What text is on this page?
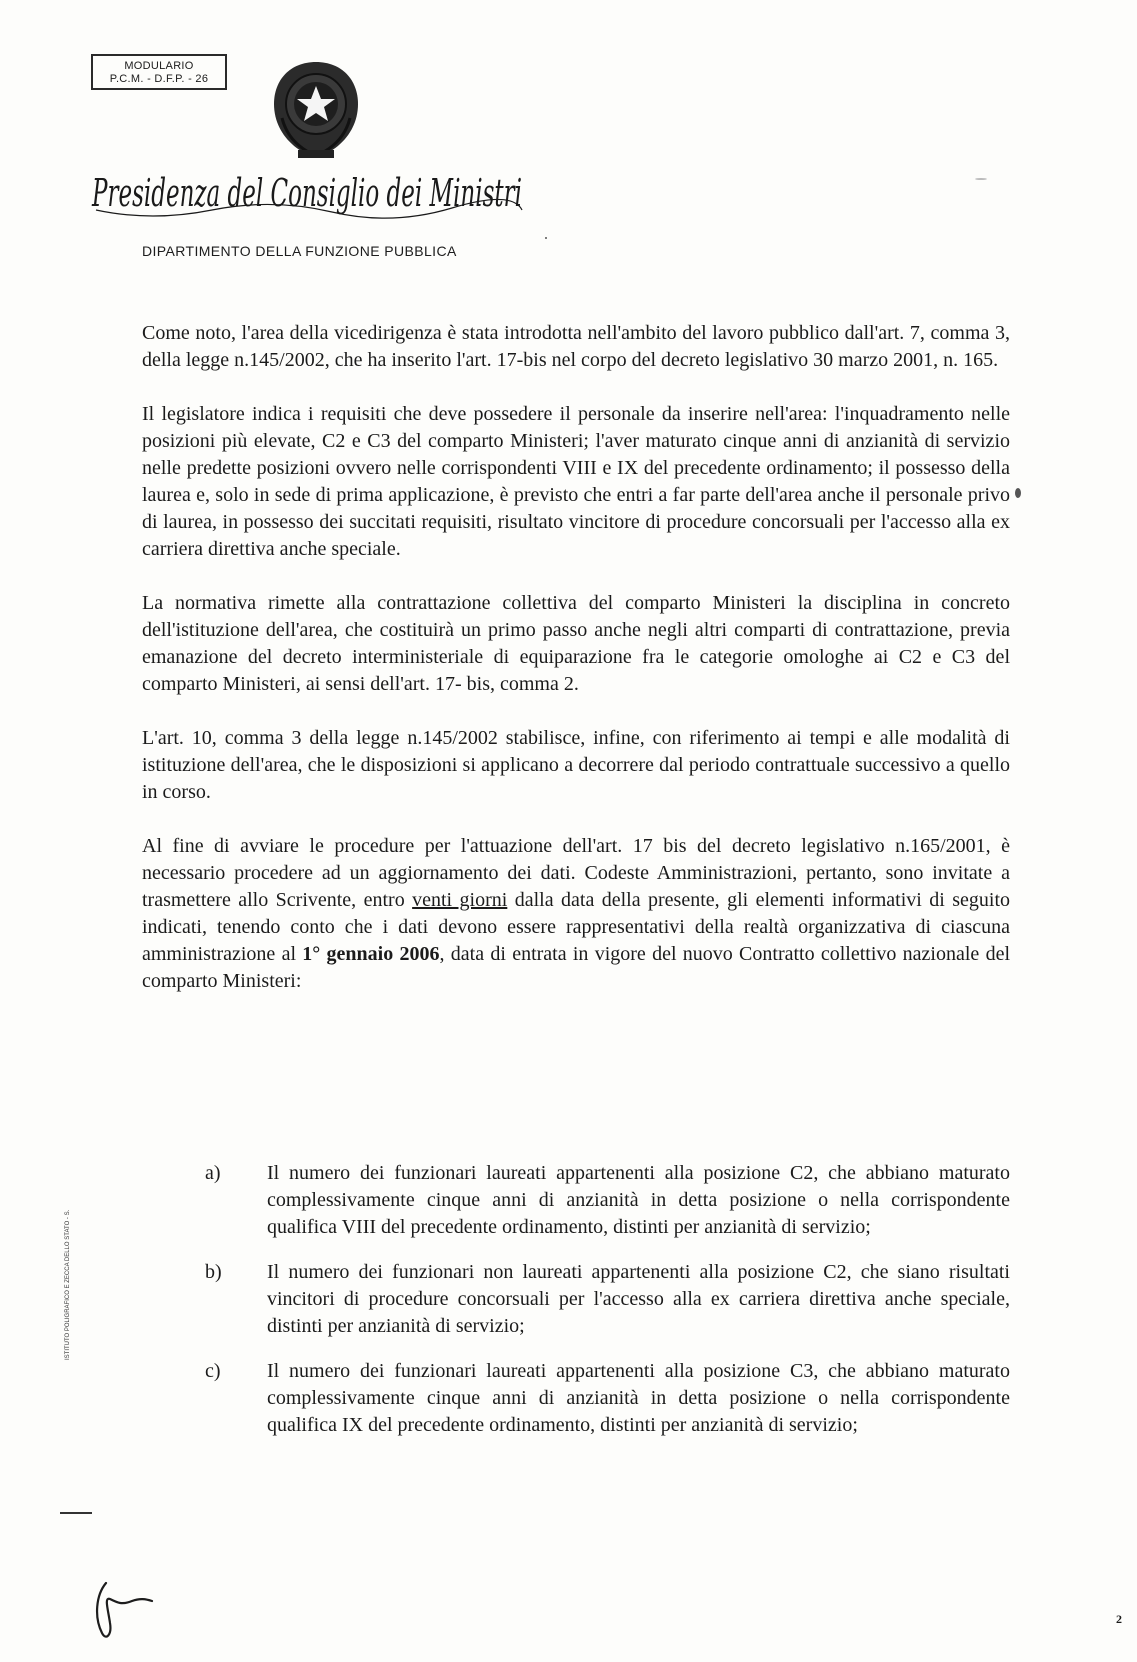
MODULARIO
P.C.M. - D.F.P. - 26
Presidenza del Consiglio dei Ministri
DIPARTIMENTO DELLA FUNZIONE PUBBLICA

Come noto, l'area della vicedirigenza è stata introdotta nell'ambito del lavoro pubblico dall'art. 7, comma 3, della legge n.145/2002, che ha inserito l'art. 17-bis nel corpo del decreto legislativo 30 marzo 2001, n. 165.

Il legislatore indica i requisiti che deve possedere il personale da inserire nell'area: l'inquadramento nelle posizioni più elevate, C2 e C3 del comparto Ministeri; l'aver maturato cinque anni di anzianità di servizio nelle predette posizioni ovvero nelle corrispondenti VIII e IX del precedente ordinamento; il possesso della laurea e, solo in sede di prima applicazione, è previsto che entri a far parte dell'area anche il personale privo di laurea, in possesso dei succitati requisiti, risultato vincitore di procedure concorsuali per l'accesso alla ex carriera direttiva anche speciale.

La normativa rimette alla contrattazione collettiva del comparto Ministeri la disciplina in concreto dell'istituzione dell'area, che costituirà un primo passo anche negli altri comparti di contrattazione, previa emanazione del decreto interministeriale di equiparazione fra le categorie omologhe ai C2 e C3 del comparto Ministeri, ai sensi dell'art. 17- bis, comma 2.

L'art. 10, comma 3 della legge n.145/2002 stabilisce, infine, con riferimento ai tempi e alle modalità di istituzione dell'area, che le disposizioni si applicano a decorrere dal periodo contrattuale successivo a quello in corso.

Al fine di avviare le procedure per l'attuazione dell'art. 17 bis del decreto legislativo n.165/2001, è necessario procedere ad un aggiornamento dei dati. Codeste Amministrazioni, pertanto, sono invitate a trasmettere allo Scrivente, entro venti giorni dalla data della presente, gli elementi informativi di seguito indicati, tenendo conto che i dati devono essere rappresentativi della realtà organizzativa di ciascuna amministrazione al 1° gennaio 2006, data di entrata in vigore del nuovo Contratto collettivo nazionale del comparto Ministeri:

a)	Il numero dei funzionari laureati appartenenti alla posizione C2, che abbiano maturato complessivamente cinque anni di anzianità in detta posizione o nella corrispondente qualifica VIII del precedente ordinamento, distinti per anzianità di servizio;
b)	Il numero dei funzionari non laureati appartenenti alla posizione C2, che siano risultati vincitori di procedure concorsuali per l'accesso alla ex carriera direttiva anche speciale, distinti per anzianità di servizio;
c)	Il numero dei funzionari laureati appartenenti alla posizione C3, che abbiano maturato complessivamente cinque anni di anzianità in detta posizione o nella corrispondente qualifica IX del precedente ordinamento, distinti per anzianità di servizio;
ISTITUTO POLIGRAFICO E ZECCA DELLO STATO - S.
2
